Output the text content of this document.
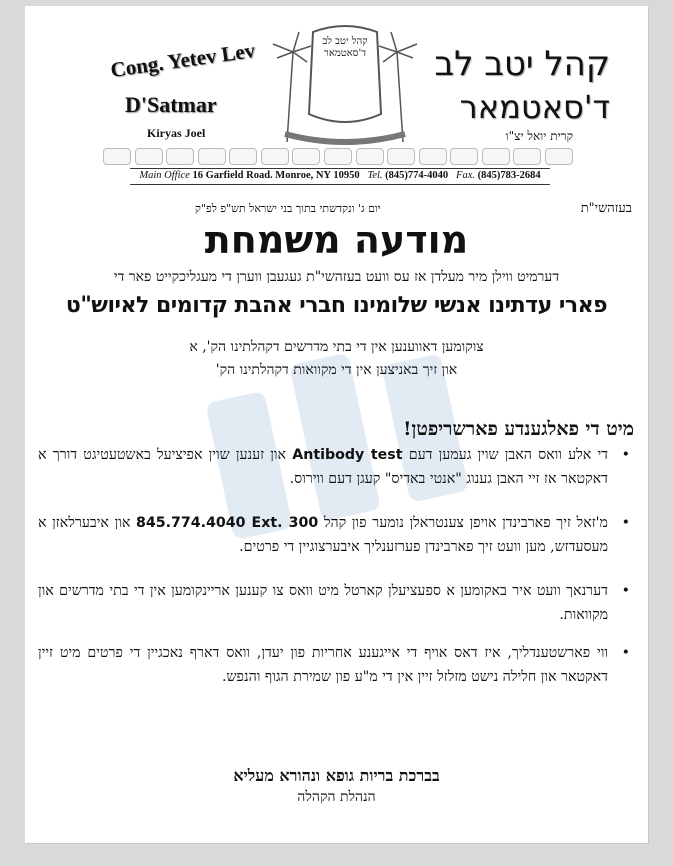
Cong. Yetev Lev
D'Satmar
Kiryas Joel
קהל יטב לב ד'סאטמאר קהל יטב לב
ד'סאטמאר
קרית יואל יצ"ו
Main Office 16 Garfield Road. Monroe, NY 10950 Tel. (845)774-4040 Fax. (845)783-2684
בעזהשי"ת
יום ג' ונקדשתי בתוך בני ישראל תש"פ לפ"ק
מודעה משמחת
דערמיט ווילן מיר מעלדן אז עס וועט בעזהשי"ת געגעבן ווערן די מעגליכקייט פאר די
פארי עדתינו אנשי שלומינו חברי אהבת קדומים לאיוש"ט
צוקומען דאווענען אין די בתי מדרשים דקהלתינו הק', א
און זיך באניצען אין די מקוואות דקהלתינו הק'
מיט די פאלגענדע פארשריפטן!
•
די אלע וואס האבן שוין געמען דעם Antibody test און זענען שוין אפיציעל באשטעטיגט דורך א דאקטאר אז זיי האבן גענוג "אנטי באדיס" קעגן דעם ווירוס.
•
מ'זאל זיך פארבינדן אויפן צענטראלן נומער פון קהל 845.774.4040 Ext. 300 און איבערלאזן א מעסעדזש, מען וועט זיך פארבינדן פערזענליך איבערצוגיין די פרטים.
•
דערנאך וועט איר באקומען א ספעציעלן קארטל מיט וואס צו קענען אריינקומען אין די בתי מדרשים און מקוואות.
•
ווי פארשטענדליך, איז דאס אויף די אייגענע אחריות פון יעדן, וואס דארף נאכגיין די פרטים מיט זיין דאקטאר און חלילה נישט מזלזל זיין אין די מ"ע פון שמירת הגוף והנפש.
בברכת בריות גופא ונהורא מעליא
הנהלת הקהלה
